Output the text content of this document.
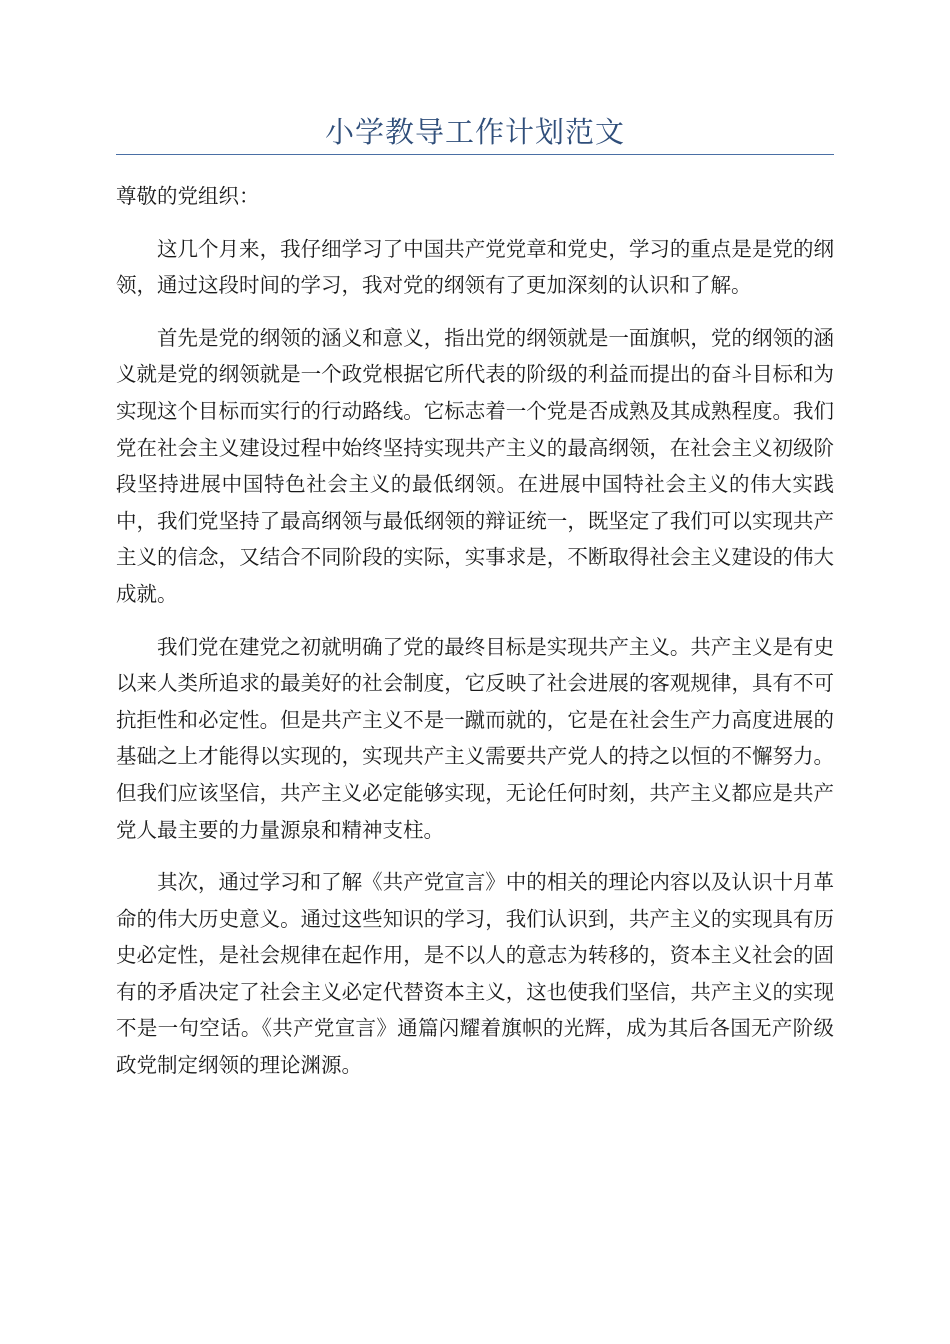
小学教导工作计划范文

尊敬的党组织：

这几个月来，我仔细学习了中国共产党党章和党史，学习的重点是是党的纲领，通过这段时间的学习，我对党的纲领有了更加深刻的认识和了解。

首先是党的纲领的涵义和意义，指出党的纲领就是一面旗帜，党的纲领的涵义就是党的纲领就是一个政党根据它所代表的阶级的利益而提出的奋斗目标和为实现这个目标而实行的行动路线。它标志着一个党是否成熟及其成熟程度。我们党在社会主义建设过程中始终坚持实现共产主义的最高纲领，在社会主义初级阶段坚持进展中国特色社会主义的最低纲领。在进展中国特社会主义的伟大实践中，我们党坚持了最高纲领与最低纲领的辩证统一，既坚定了我们可以实现共产主义的信念，又结合不同阶段的实际，实事求是，不断取得社会主义建设的伟大成就。

我们党在建党之初就明确了党的最终目标是实现共产主义。共产主义是有史以来人类所追求的最美好的社会制度，它反映了社会进展的客观规律，具有不可抗拒性和必定性。但是共产主义不是一蹴而就的，它是在社会生产力高度进展的基础之上才能得以实现的，实现共产主义需要共产党人的持之以恒的不懈努力。但我们应该坚信，共产主义必定能够实现，无论任何时刻，共产主义都应是共产党人最主要的力量源泉和精神支柱。

其次，通过学习和了解《共产党宣言》中的相关的理论内容以及认识十月革命的伟大历史意义。通过这些知识的学习，我们认识到，共产主义的实现具有历史必定性，是社会规律在起作用，是不以人的意志为转移的，资本主义社会的固有的矛盾决定了社会主义必定代替资本主义，这也使我们坚信，共产主义的实现不是一句空话。《共产党宣言》通篇闪耀着旗帜的光辉，成为其后各国无产阶级政党制定纲领的理论渊源。
